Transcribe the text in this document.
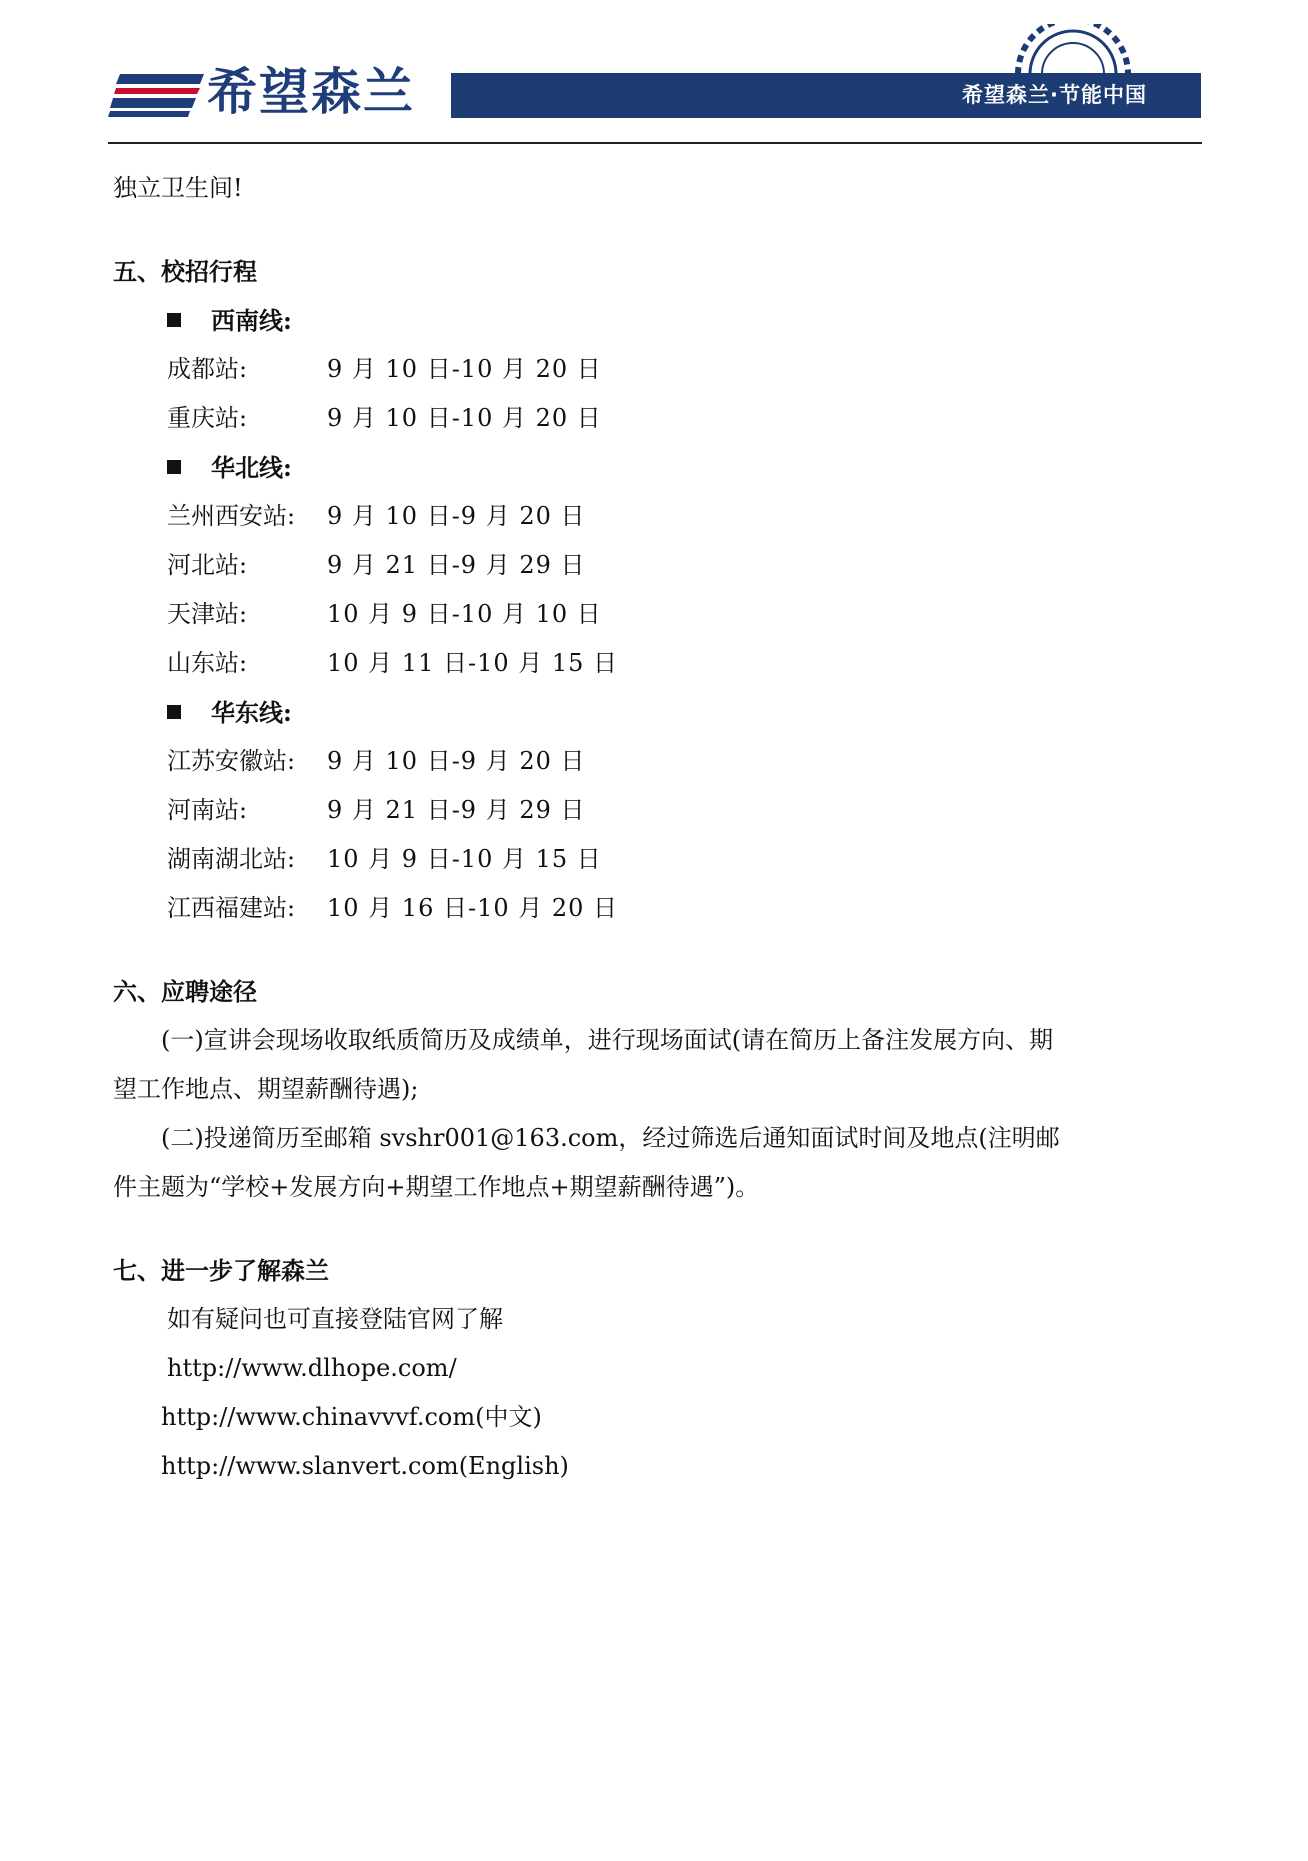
希望森兰	希望森兰·节能中国
独立卫生间!
五、校招行程
西南线:
成都站:	9 月 10 日-10 月 20 日
重庆站:	9 月 10 日-10 月 20 日
华北线:
兰州西安站: 9 月 10 日-9 月 20 日
河北站:	9 月 21 日-9 月 29 日
天津站:	10 月 9 日-10 月 10 日
山东站:	10 月 11 日-10 月 15 日
华东线:
江苏安徽站: 9 月 10 日-9 月 20 日
河南站:	9 月 21 日-9 月 29 日
湖南湖北站: 10 月 9 日-10 月 15 日
江西福建站: 10 月 16 日-10 月 20 日
六、应聘途径
(一)宣讲会现场收取纸质简历及成绩单，进行现场面试(请在简历上备注发展方向、期
望工作地点、期望薪酬待遇);
(二)投递简历至邮箱 svshr001@163.com，经过筛选后通知面试时间及地点(注明邮
件主题为“学校+发展方向+期望工作地点+期望薪酬待遇”)。
七、进一步了解森兰
如有疑问也可直接登陆官网了解
http://www.dlhope.com/
http://www.chinavvvf.com(中文)
http://www.slanvert.com(English)
